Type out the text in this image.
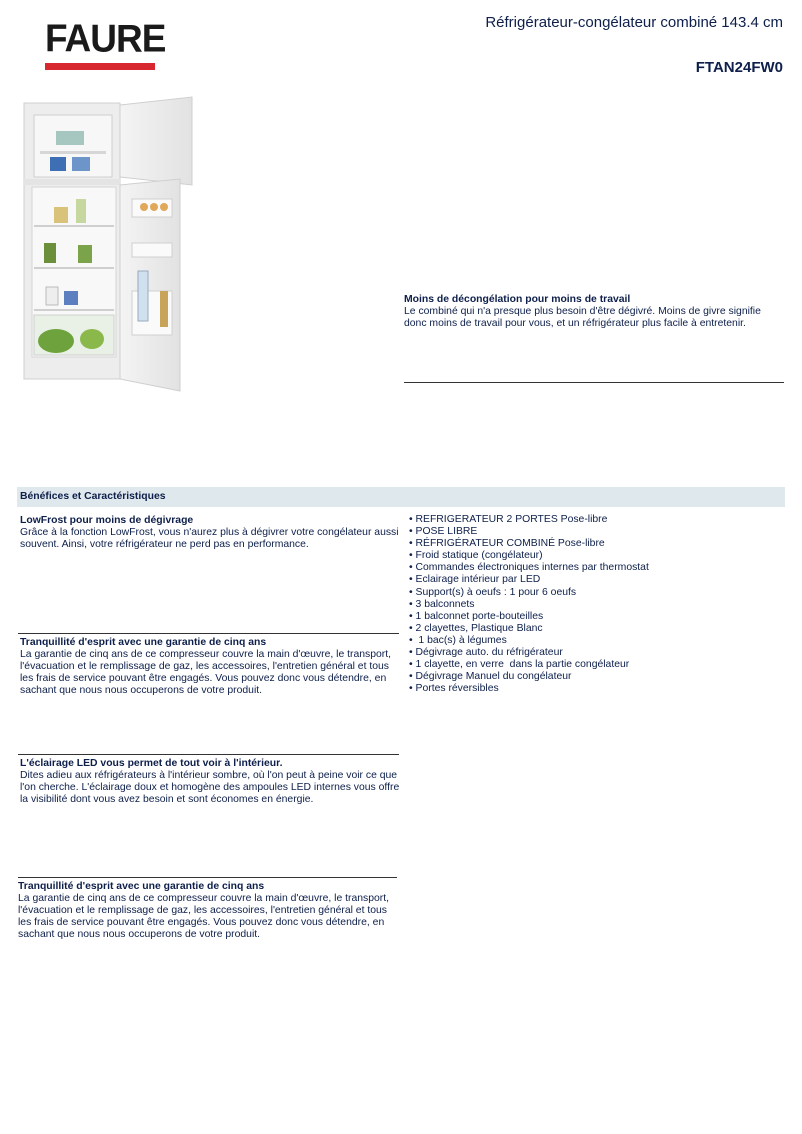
FAURE	Réfrigérateur-congélateur combiné 143.4 cm
FTAN24FW0
Moins de décongélation pour moins de travail
Le combiné qui n'a presque plus besoin d'être dégivré. Moins de givre signifie donc moins de travail pour vous, et un réfrigérateur plus facile à entretenir.
Bénéfices et Caractéristiques
LowFrost pour moins de dégivrage
Grâce à la fonction LowFrost, vous n'aurez plus à dégivrer votre congélateur aussi souvent. Ainsi, votre réfrigérateur ne perd pas en performance.
Tranquillité d'esprit avec une garantie de cinq ans
La garantie de cinq ans de ce compresseur couvre la main d'œuvre, le transport, l'évacuation et le remplissage de gaz, les accessoires, l'entretien général et tous les frais de service pouvant être engagés. Vous pouvez donc vous détendre, en sachant que nous nous occuperons de votre produit.
L'éclairage LED vous permet de tout voir à l'intérieur.
Dites adieu aux réfrigérateurs à l'intérieur sombre, où l'on peut à peine voir ce que l'on cherche. L'éclairage doux et homogène des ampoules LED internes vous offre la visibilité dont vous avez besoin et sont économes en énergie.
Tranquillité d'esprit avec une garantie de cinq ans
La garantie de cinq ans de ce compresseur couvre la main d'œuvre, le transport, l'évacuation et le remplissage de gaz, les accessoires, l'entretien général et tous les frais de service pouvant être engagés. Vous pouvez donc vous détendre, en sachant que nous nous occuperons de votre produit.
• REFRIGERATEUR 2 PORTES Pose-libre
• POSE LIBRE
• RÉFRIGÉRATEUR COMBINÉ Pose-libre
• Froid statique (congélateur)
• Commandes électroniques internes par thermostat
• Eclairage intérieur par LED
• Support(s) à oeufs : 1 pour 6 oeufs
• 3 balconnets
• 1 balconnet porte-bouteilles
• 2 clayettes, Plastique Blanc
•  1 bac(s) à légumes
• Dégivrage auto. du réfrigérateur
• 1 clayette, en verre  dans la partie congélateur
• Dégivrage Manuel du congélateur
• Portes réversibles
